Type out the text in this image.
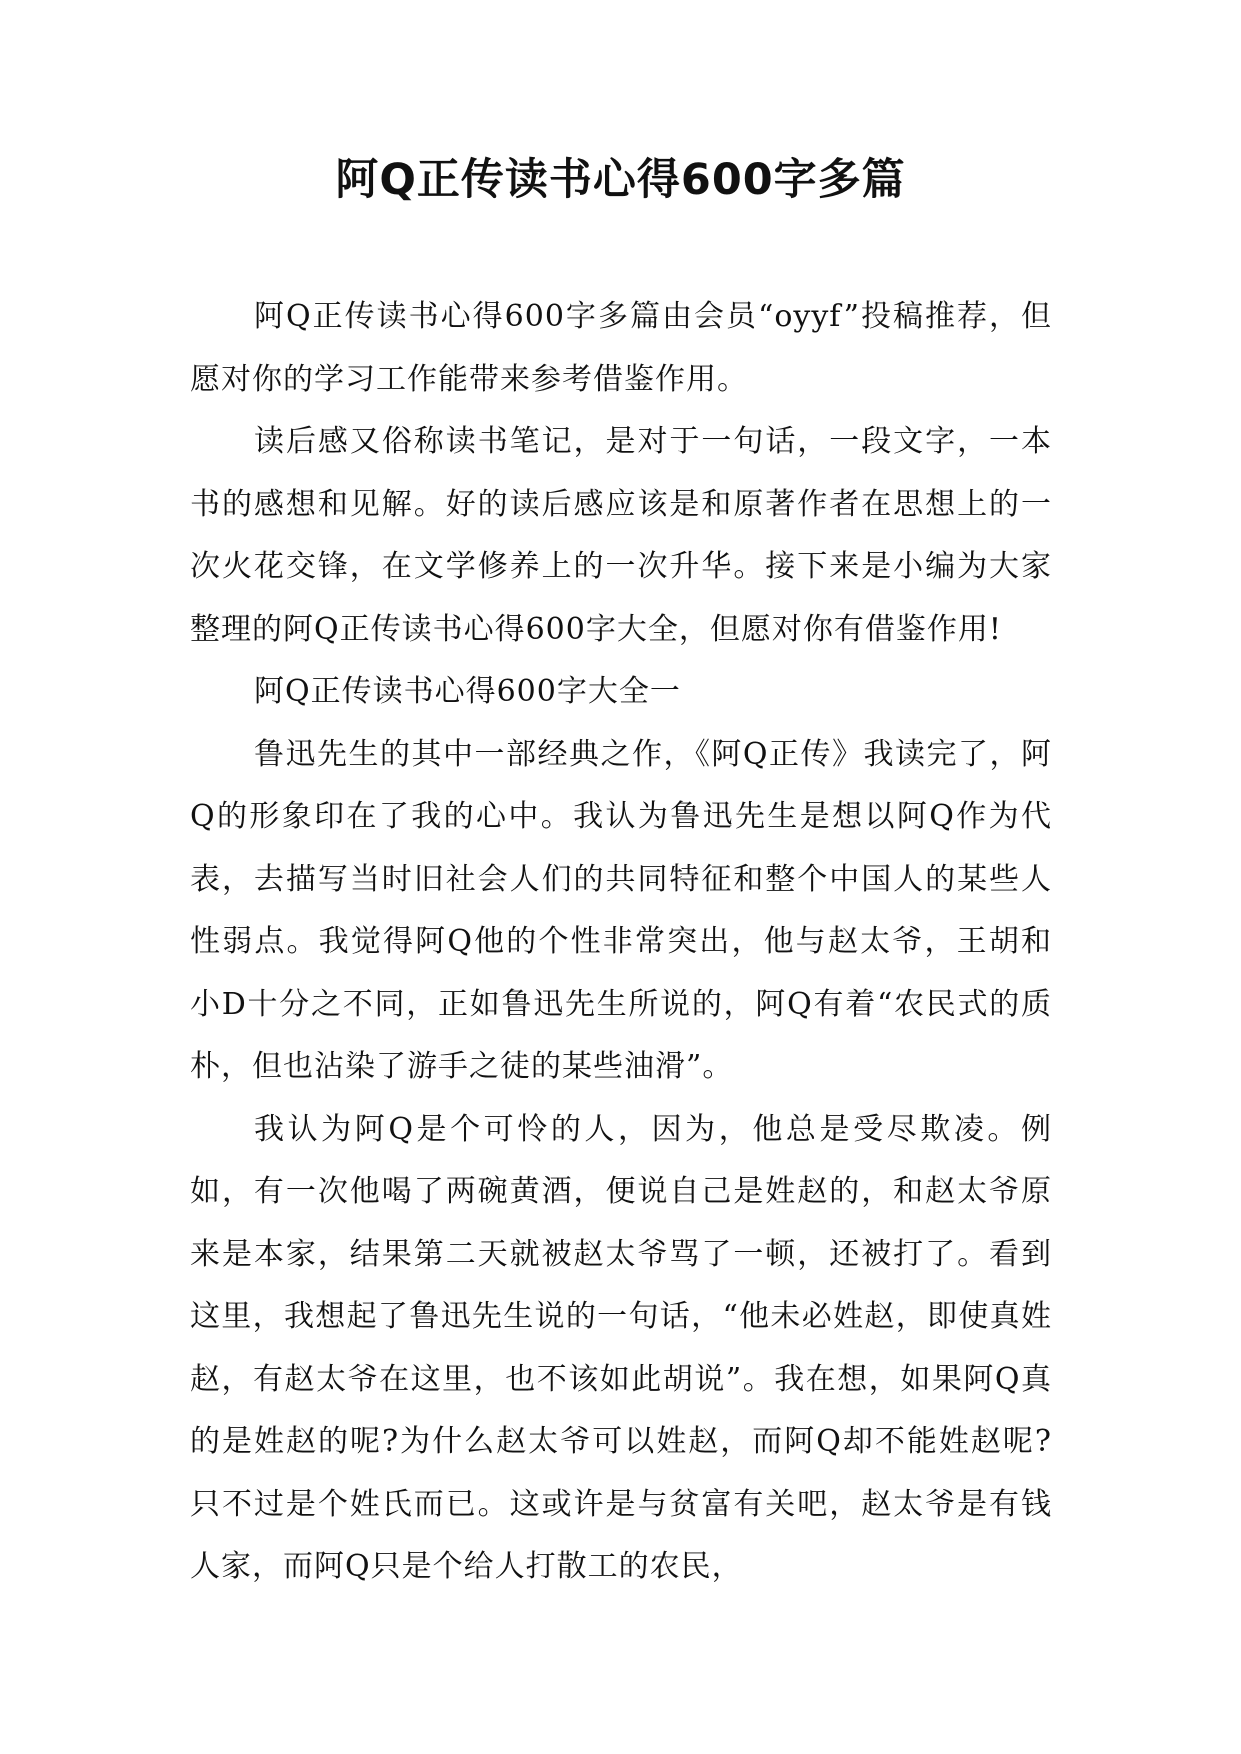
阿Q正传读书心得600字多篇

阿Q正传读书心得600字多篇由会员“oyyf”投稿推荐，但愿对你的学习工作能带来参考借鉴作用。

读后感又俗称读书笔记，是对于一句话，一段文字，一本书的感想和见解。好的读后感应该是和原著作者在思想上的一次火花交锋，在文学修养上的一次升华。接下来是小编为大家整理的阿Q正传读书心得600字大全，但愿对你有借鉴作用!

阿Q正传读书心得600字大全一

鲁迅先生的其中一部经典之作，《阿Q正传》我读完了，阿Q的形象印在了我的心中。我认为鲁迅先生是想以阿Q作为代表，去描写当时旧社会人们的共同特征和整个中国人的某些人性弱点。我觉得阿Q他的个性非常突出，他与赵太爷，王胡和小D十分之不同，正如鲁迅先生所说的，阿Q有着“农民式的质朴，但也沾染了游手之徒的某些油滑”。

我认为阿Q是个可怜的人，因为，他总是受尽欺凌。例如，有一次他喝了两碗黄酒，便说自己是姓赵的，和赵太爷原来是本家，结果第二天就被赵太爷骂了一顿，还被打了。看到这里，我想起了鲁迅先生说的一句话，“他未必姓赵，即使真姓赵，有赵太爷在这里，也不该如此胡说”。我在想，如果阿Q真的是姓赵的呢?为什么赵太爷可以姓赵，而阿Q却不能姓赵呢?只不过是个姓氏而已。这或许是与贫富有关吧，赵太爷是有钱人家，而阿Q只是个给人打散工的农民，
